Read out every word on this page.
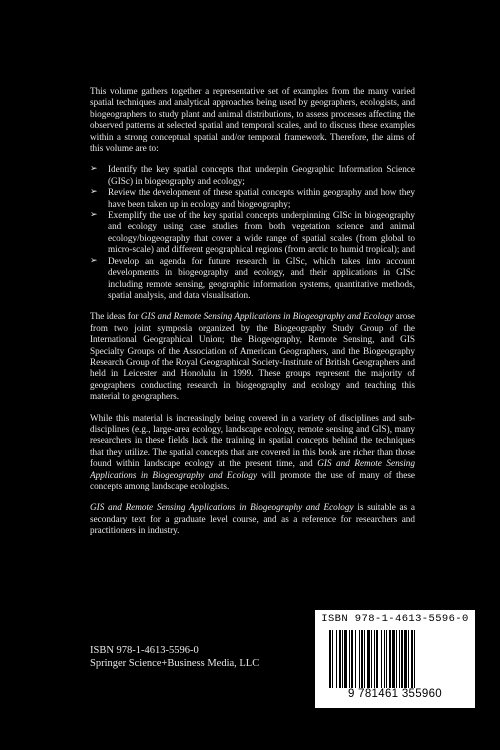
This volume gathers together a representative set of examples from the many varied spatial techniques and analytical approaches being used by geographers, ecologists, and biogeographers to study plant and animal distributions, to assess processes affecting the observed patterns at selected spatial and temporal scales, and to discuss these examples within a strong conceptual spatial and/or temporal framework. Therefore, the aims of this volume are to:

➢ Identify the key spatial concepts that underpin Geographic Information Science (GISc) in biogeography and ecology;
➢ Review the development of these spatial concepts within geography and how they have been taken up in ecology and biogeography;
➢ Exemplify the use of the key spatial concepts underpinning GISc in biogeography and ecology using case studies from both vegetation science and animal ecology/biogeography that cover a wide range of spatial scales (from global to micro-scale) and different geographical regions (from arctic to humid tropical); and
➢ Develop an agenda for future research in GISc, which takes into account developments in biogeography and ecology, and their applications in GISc including remote sensing, geographic information systems, quantitative methods, spatial analysis, and data visualisation.

The ideas for GIS and Remote Sensing Applications in Biogeography and Ecology arose from two joint symposia organized by the Biogeography Study Group of the International Geographical Union; the Biogeography, Remote Sensing, and GIS Specialty Groups of the Association of American Geographers, and the Biogeography Research Group of the Royal Geographical Society-Institute of British Geographers and held in Leicester and Honolulu in 1999. These groups represent the majority of geographers conducting research in biogeography and ecology and teaching this material to geographers.

While this material is increasingly being covered in a variety of disciplines and sub-disciplines (e.g., large-area ecology, landscape ecology, remote sensing and GIS), many researchers in these fields lack the training in spatial concepts behind the techniques that they utilize. The spatial concepts that are covered in this book are richer than those found within landscape ecology at the present time, and GIS and Remote Sensing Applications in Biogeography and Ecology will promote the use of many of these concepts among landscape ecologists.

GIS and Remote Sensing Applications in Biogeography and Ecology is suitable as a secondary text for a graduate level course, and as a reference for researchers and practitioners in industry.

ISBN 978-1-4613-5596-0
Springer Science+Business Media, LLC
ISBN 978-1-4613-5596-0
9 781461 355960
